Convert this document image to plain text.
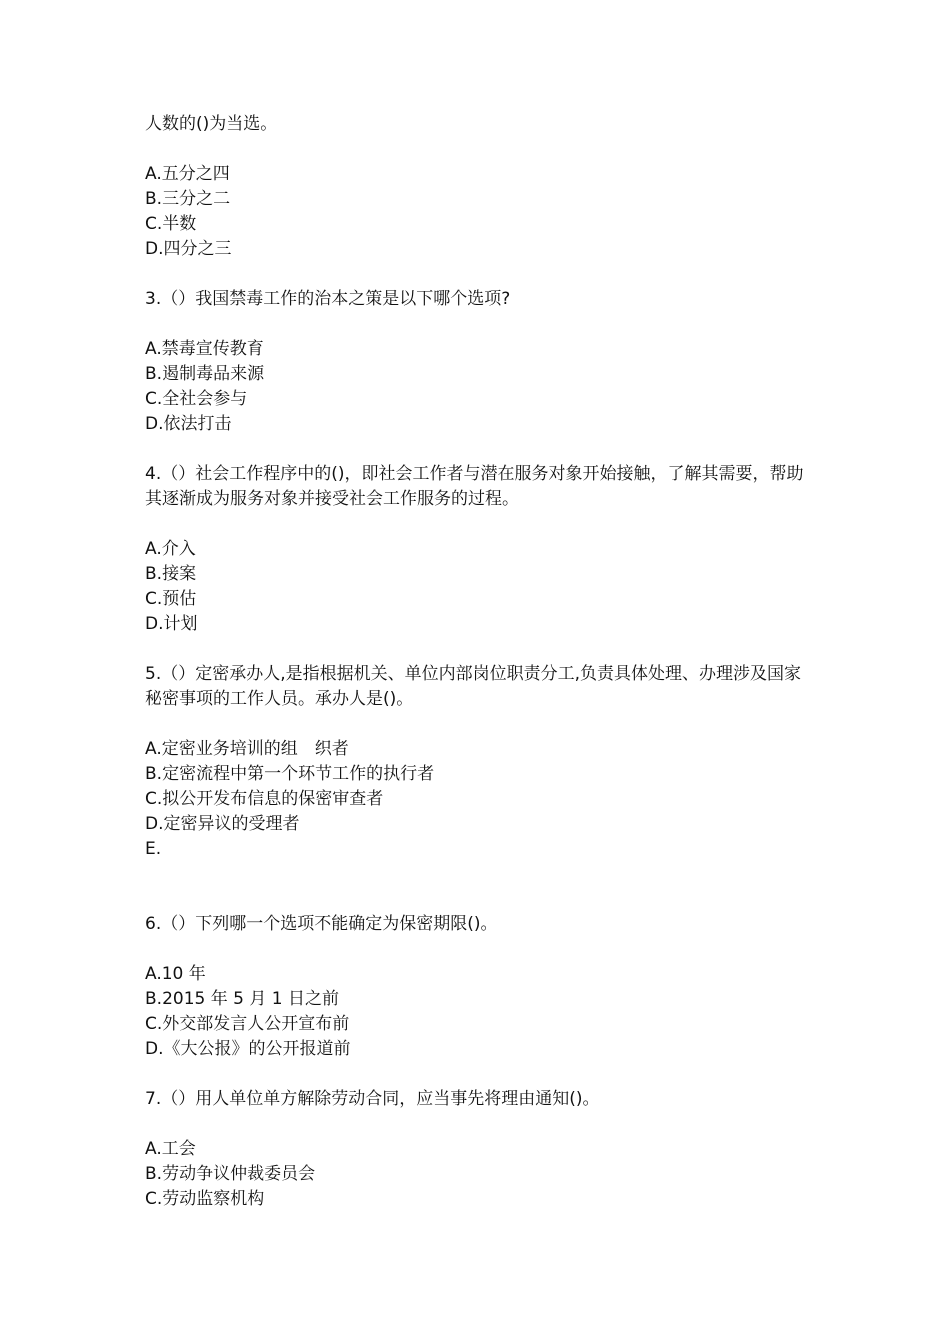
人数的()为当选。
A.五分之四
B.三分之二
C.半数
D.四分之三
3.（）我国禁毒工作的治本之策是以下哪个选项?
A.禁毒宣传教育
B.遏制毒品来源
C.全社会参与
D.依法打击
4.（）社会工作程序中的()，即社会工作者与潜在服务对象开始接触，了解其需要，帮助其逐渐成为服务对象并接受社会工作服务的过程。
A.介入
B.接案
C.预估
D.计划
5.（）定密承办人,是指根据机关、单位内部岗位职责分工,负责具体处理、办理涉及国家秘密事项的工作人员。承办人是()。
A.定密业务培训的组　织者
B.定密流程中第一个环节工作的执行者
C.拟公开发布信息的保密审查者
D.定密异议的受理者
E.
6.（）下列哪一个选项不能确定为保密期限()。
A.10 年
B.2015 年 5 月 1 日之前
C.外交部发言人公开宣布前
D.《大公报》的公开报道前
7.（）用人单位单方解除劳动合同，应当事先将理由通知()。
A.工会
B.劳动争议仲裁委员会
C.劳动监察机构
